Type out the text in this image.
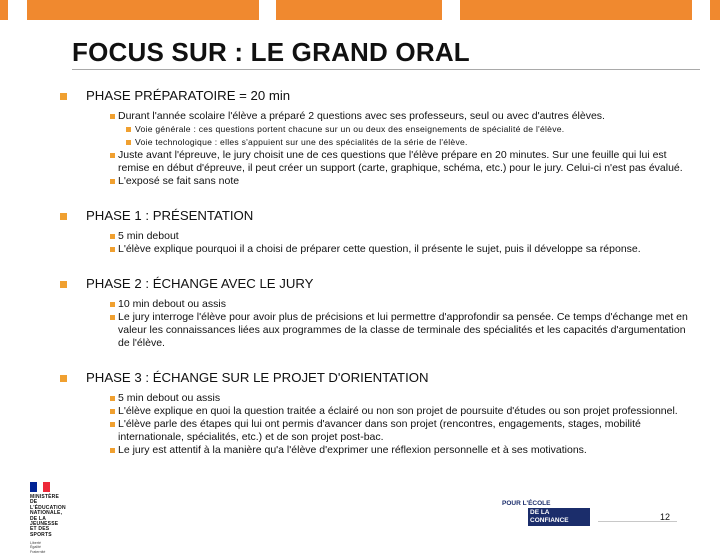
FOCUS SUR : LE GRAND ORAL
PHASE PRÉPARATOIRE = 20 min
Durant l'année scolaire l'élève a préparé 2 questions avec ses professeurs, seul ou avec d'autres élèves.
Voie générale : ces questions portent chacune sur un ou deux des enseignements de spécialité de l'élève.
Voie technologique : elles s'appuient sur une des spécialités de la série de l'élève.
Juste avant l'épreuve, le jury choisit une de ces questions que l'élève prépare en 20 minutes. Sur une feuille qui lui est remise en début d'épreuve, il peut créer un support (carte, graphique, schéma, etc.) pour le jury. Celui-ci n'est pas évalué.
L'exposé se fait sans note
PHASE 1 : PRÉSENTATION
5 min debout
L'élève explique pourquoi il a choisi de préparer cette question, il présente le sujet, puis il développe sa réponse.
PHASE 2 : ÉCHANGE AVEC LE JURY
10 min debout ou assis
Le jury interroge l'élève pour avoir plus de précisions et lui permettre d'approfondir sa pensée. Ce temps d'échange met en valeur les connaissances liées aux programmes de la classe de terminale des spécialités et les capacités d'argumentation de l'élève.
PHASE 3 : ÉCHANGE SUR LE PROJET D'ORIENTATION
5 min debout ou assis
L'élève explique en quoi la question traitée a éclairé ou non son projet de poursuite d'études ou son projet professionnel.
L'élève parle des étapes qui lui ont permis d'avancer dans son projet (rencontres, engagements, stages, mobilité internationale, spécialités, etc.) et de son projet post-bac.
Le jury est attentif à la manière qu'a l'élève d'exprimer une réflexion personnelle et à ses motivations.
MINISTÈRE
DE L'ÉDUCATION
NATIONALE,
DE LA JEUNESSE
ET DES SPORTS
Liberté
Égalité
Fraternité
POUR L'ÉCOLE
DE LA CONFIANCE	12
